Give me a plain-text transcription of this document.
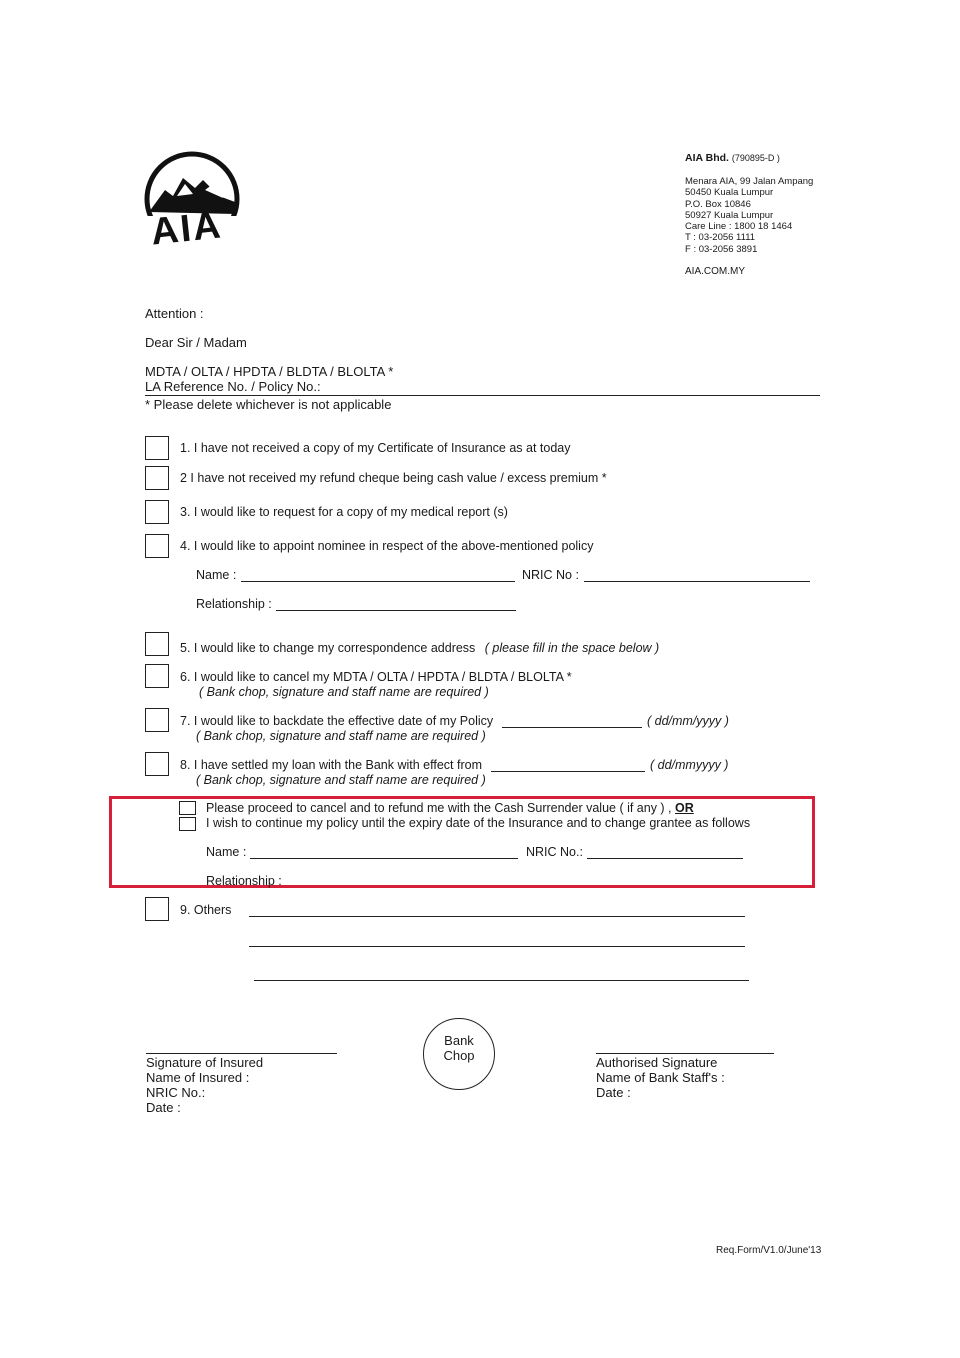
AIA
AIA Bhd. (790895-D )
Menara AIA, 99 Jalan Ampang
50450 Kuala Lumpur
P.O. Box 10846
50927 Kuala Lumpur
Care Line : 1800 18 1464
T : 03-2056 1111
F : 03-2056 3891
AIA.COM.MY
Attention :
Dear Sir / Madam
MDTA / OLTA / HPDTA / BLDTA / BLOLTA *
LA Reference No. / Policy No.:
* Please delete whichever is not applicable
1. I have not received a copy of my Certificate of Insurance as at today
2 I have not received my refund cheque being cash value / excess premium *
3. I would like to request for a copy of my medical report (s)
4. I would like to appoint nominee in respect of the above-mentioned policy
Name :	NRIC No :
Relationship :
5. I would like to change my correspondence address ( please fill in the space below )
6. I would like to cancel my MDTA / OLTA / HPDTA / BLDTA / BLOLTA *
( Bank chop, signature and staff name are required )
7. I would like to backdate the effective date of my Policy	( dd/mm/yyyy )
( Bank chop, signature and staff name are required )
8. I have settled my loan with the Bank with effect from	( dd/mmyyyy )
( Bank chop, signature and staff name are required )
Please proceed to cancel and to refund me with the Cash Surrender value ( if any ) , OR
I wish to continue my policy until the expiry date of the Insurance and to change grantee as follows
Name :	NRIC No.:
Relationship :
9. Others
Signature of Insured
Name of Insured :
NRIC No.:
Date :
Bank
Chop	Authorised Signature
Name of Bank Staff's :
Date :
Req.Form/V1.0/June'13
